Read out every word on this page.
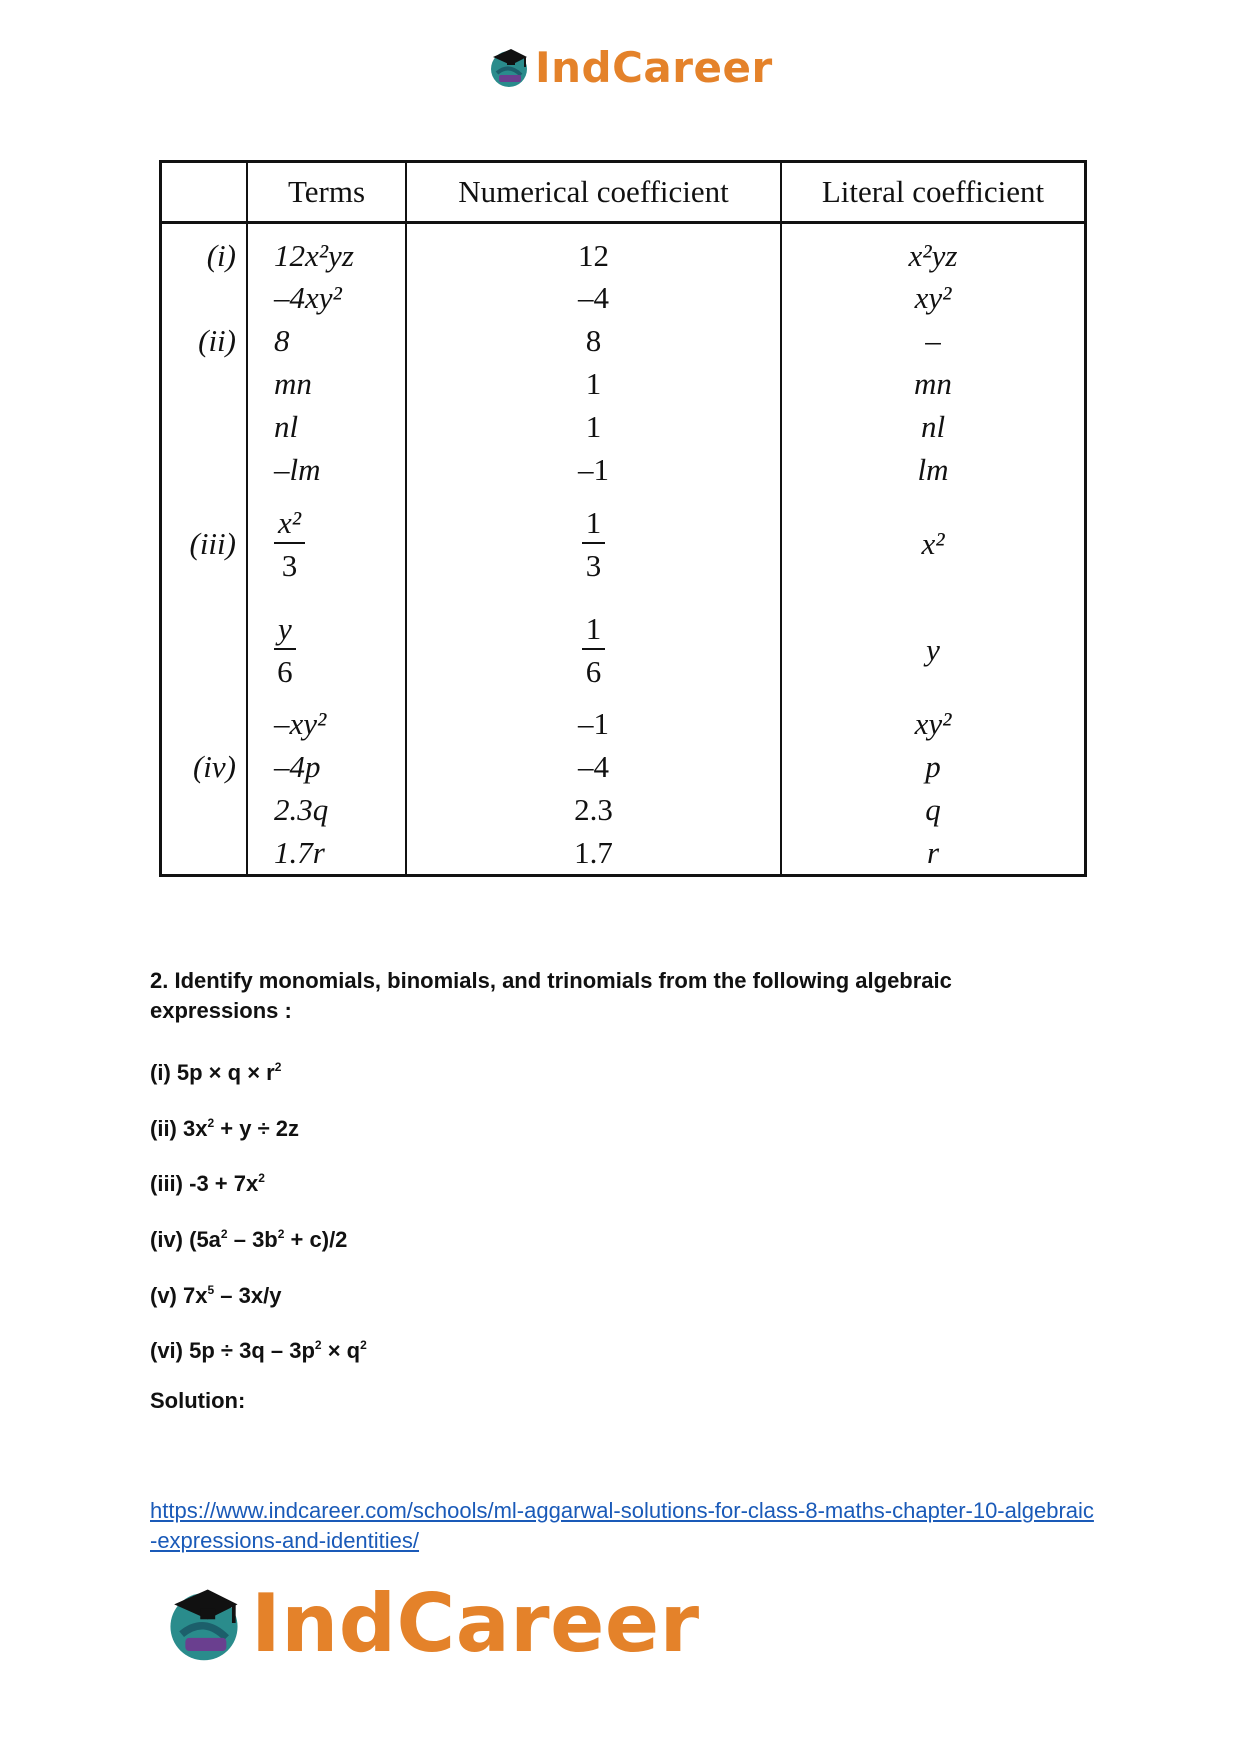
IndCareer
	Terms	Numerical coefficient	Literal coefficient
(i)	12x²yz	12	x²yz
	–4xy²	–4	xy²
(ii)	8	8	–
	mn	1	mn
	nl	1	nl
	–lm	–1	lm
(iii)	$\frac{\text{x²}}{3}$	$\frac{1}{3}$	x²

	$\frac{y}{6}$	$\frac{1}{6}$	y
	–xy²	–1	xy²
(iv)	–4p	–4	p
	2.3q	2.3	q
	1.7r	1.7	r
2. Identify monomials, binomials, and trinomials from the following algebraic expressions :
(i) $5p \times q \times r^2$
(ii) $3x^2 + y \div 2z$
(iii) $-3 + 7x^2$
(iv) $(5a^2 - 3b^2 + c)/2$
(v) $7x^5 - 3x/y$
(vi) $5p \div 3q - 3p^2 \times q^2$
Solution:
https://www.indcareer.com/schools/ml-aggarwal-solutions-for-class-8-maths-chapter-10-algebraic-expressions-and-identities/
IndCareer
